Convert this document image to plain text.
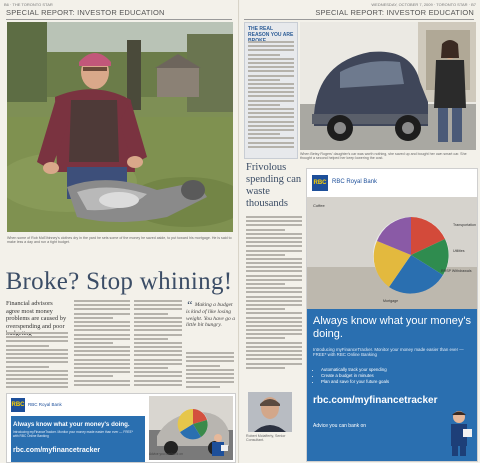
B6 · THE TORONTO STAR
SPECIAL REPORT: INVESTOR EDUCATION
When some of Rob McElhinney's clothes dry in the yard he sets some of the money he saved aside, to put toward his mortgage. He is said to make less a day and run a tight budget.
Broke? Stop whining!
Financial advisors agree most money problems are caused by overspending and poor
“ Making a budget is kind of like losing weight. You have go a little bit hungry.
RBC RBC Royal Bank
Always know what your money's doing.
Introducing myFinanceTracker. Monitor your money made easier than ever — FREE* with RBC Online Banking
rbc.com/myfinancetracker	Advice you can bank on
WEDNESDAY, OCTOBER 7, 2009 · TORONTO STAR · B7
SPECIAL REPORT: INVESTOR EDUCATION
THE REAL REASON YOU ARE
When Betsy Rogers' daughter's car was worth nothing, she saved up and bought her own smart car. She thought a second helped her keep lowering the cost.
Frivolous spending can waste thousands
Robert Mclafferty, Senior Consultant.
RBC RBC Royal Bank
Coffee
Transportation
Utilities
RRSP Withdrawals
Mortgage
Always know what your money's doing.
Introducing myFinanceTracker. Monitor your money made easier than ever — FREE* with RBC Online Banking
• Automatically track your spending
• Create a budget in minutes
• Plan and save for your future goals
rbc.com/myfinancetracker
Advice you can bank on
